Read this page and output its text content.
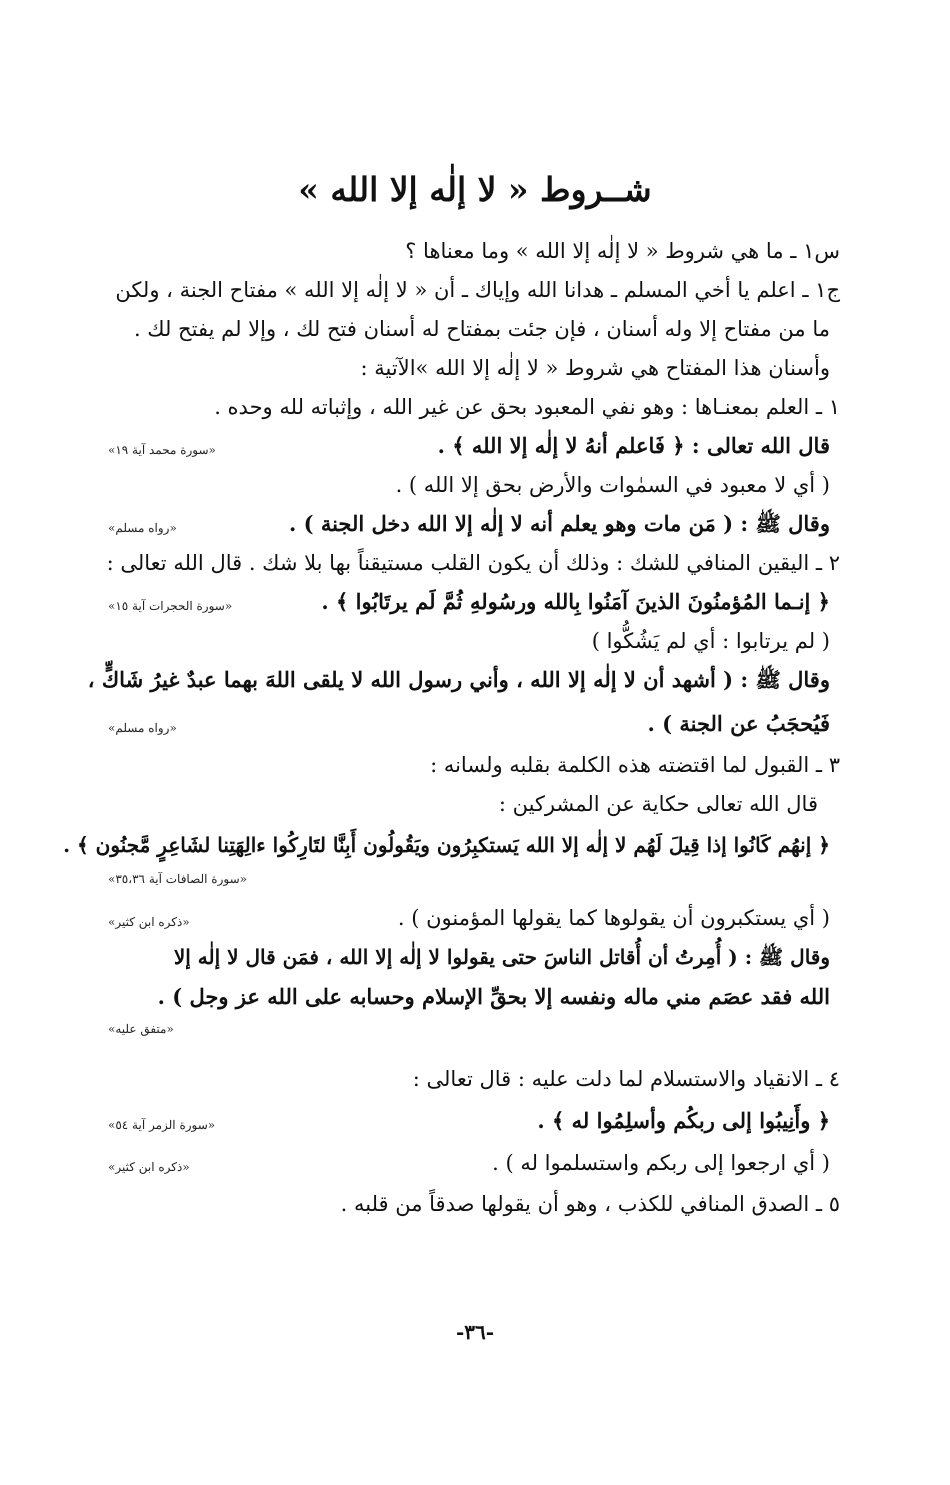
شــروط « لا إلٰه إلا الله »
س١ ـ ما هي شروط « لا إلٰه إلا الله » وما معناها ؟
ج١ ـ اعلم يا أخي المسلم ـ هدانا الله وإياك ـ أن « لا إلٰه إلا الله » مفتاح الجنة ، ولكن
ما من مفتاح إلا وله أسنان ، فإن جئت بمفتاح له أسنان فتح لك ، وإلا لم يفتح لك .
وأسنان هذا المفتاح هي شروط « لا إلٰه إلا الله »الآتية :
١ ـ العلم بمعنـاها : وهو نفي المعبود بحق عن غير الله ، وإثباته لله وحده .
قال الله تعالى : ﴿ فَاعلم أنهُ لا إلٰه إلا الله ﴾ .
«سورة محمد آية ١٩»
( أي لا معبود في السمٰوات والأرض بحق إلا الله ) .
وقال ﷺ : ( مَن مات وهو يعلم أنه لا إلٰه إلا الله دخل الجنة ) .
«رواه مسلم»
٢ ـ اليقين المنافي للشك : وذلك أن يكون القلب مستيقناً بها بلا شك . قال الله تعالى :
﴿ إنـما المُؤمنُونَ الذينَ آمَنُوا بِالله ورسُولهِ ثُمَّ لَم يرتَابُوا ﴾ .
«سورة الحجرات آية ١٥»
( لم يرتابوا : أي لم يَشُكُّوا )
وقال ﷺ : ( أشهد أن لا إلٰه إلا الله ، وأني رسول الله لا يلقى اللهَ بهما عبدٌ غيرُ شَاكٍّ ،
فَيُحجَبُ عن الجنة ) .
«رواه مسلم»
٣ ـ القبول لما اقتضته هذه الكلمة بقلبه ولسانه :
قال الله تعالى حكاية عن المشركين :
﴿ إنهُم كَانُوا إذا قِيلَ لَهُم لا إلٰه إلا الله يَستكبِرُون ويَقُولُون أَبِنَّا لتَارِكُوا ءالِهَتِنا لشَاعِرٍ مَّجنُون ﴾ .
«سورة الصافات آية ٣٥،٣٦»
( أي يستكبرون أن يقولوها كما يقولها المؤمنون ) .
«ذكره ابن كثير»
وقال ﷺ : ( أُمِرتُ أن أُقاتل الناسَ حتى يقولوا لا إلٰه إلا الله ، فمَن قال لا إلٰه إلا
الله فقد عصَم مني ماله ونفسه إلا بحقِّ الإسلام وحسابه على الله عز وجل ) .
«متفق عليه»
٤ ـ الانقياد والاستسلام لما دلت عليه : قال تعالى :
﴿ وأَنِيبُوا إلى ربكُم وأسلِمُوا له ﴾ .
«سورة الزمر آية ٥٤»
( أي ارجعوا إلى ربكم واستسلموا له ) .
«ذكره ابن كثير»
٥ ـ الصدق المنافي للكذب ، وهو أن يقولها صدقاً من قلبه .
-٣٦-
